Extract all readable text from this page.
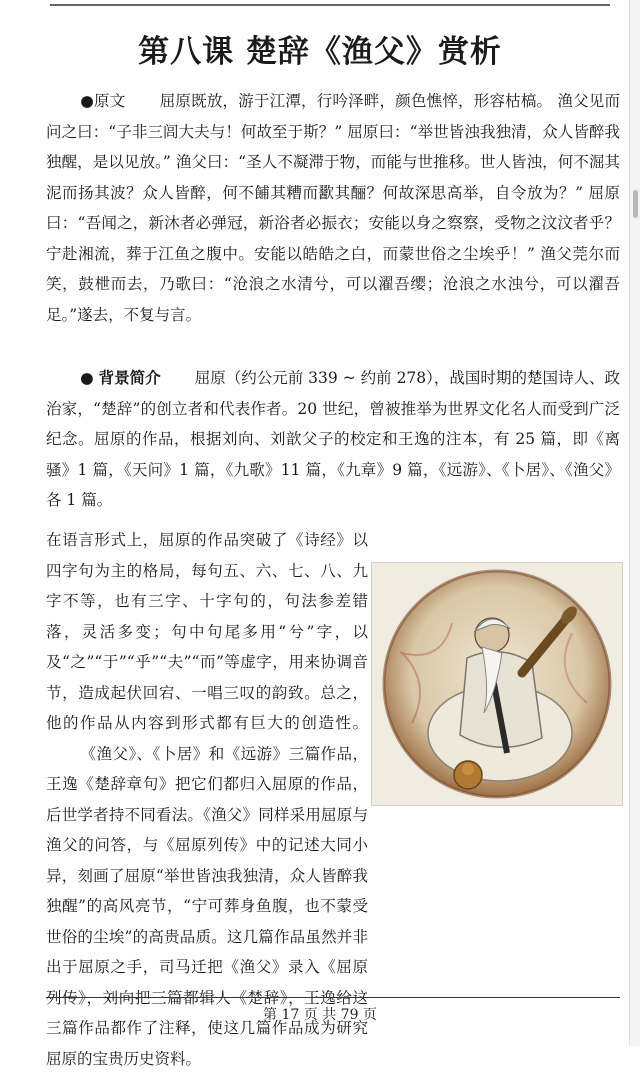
第八课 楚辞《渔父》赏析
●原文 屈原既放，游于江潭，行吟泽畔，颜色憔悴，形容枯槁。 渔父见而问之曰：“子非三闾大夫与！何故至于斯？” 屈原曰：“举世皆浊我独清，众人皆醉我独醒，是以见放。” 渔父曰：“圣人不凝滞于物，而能与世推移。世人皆浊，何不淈其泥而扬其波？众人皆醉，何不餔其糟而歠其酾？何故深思高举，自令放为？” 屈原曰：“吾闻之，新沐者必弹冠，新浴者必振衣；安能以身之察察，受物之汶汶者乎？宁赴湘流，葬于江鱼之腹中。安能以皓皓之白，而蒙世俗之尘埃乎！” 渔父莞尔而笑，鼓枻而去，乃歌曰：“沧浪之水清兮，可以濯吾缨；沧浪之水浊兮，可以濯吾足。”遂去，不复与言。
● 背景简介 屈原（约公元前 339 ~ 约前 278），战国时期的楚国诗人、政治家，“楚辞”的创立者和代表作者。20 世纪，曾被推举为世界文化名人而受到广泛纪念。屈原的作品，根据刘向、刘歆父子的校定和王逸的注本，有 25 篇，即《离骚》1 篇，《天问》1 篇，《九歌》11 篇，《九章》9 篇，《远游》、《卜居》、《渔父》各 1 篇。
在语言形式上，屈原的作品突破了《诗经》以四字句为主的格局，每句五、六、七、八、九字不等，也有三字、十字句的，句法参差错落，灵活多变；句中句尾多用“兮”字，以及“之”“于”“乎”“夫”“而”等虚字，用来协调音节，造成起伏回宕、一唱三叹的韵致。总之，他的作品从内容到形式都有巨大的创造性。《渔父》、《卜居》和《远游》三篇作品，王逸《楚辞章句》把它们都归入屈原的作品，后世学者持不同看法。《渔父》同样采用屈原与渔父的问答，与《屈原列传》中的记述大同小异，刻画了屈原“举世皆浊我独清，众人皆醉我独醒”的高风亮节，“宁可葬身鱼腹，也不蒙受世俗的尘埃”的高贵品质。这几篇作品虽然并非出于屈原之手，司马迁把《渔父》录入《屈原列传》，刘向把三篇都辑人《楚辞》，王逸给这三篇作品都作了注释，使这几篇作品成为研究屈原的宝贵历史资料。
第 17 页 共 79 页
